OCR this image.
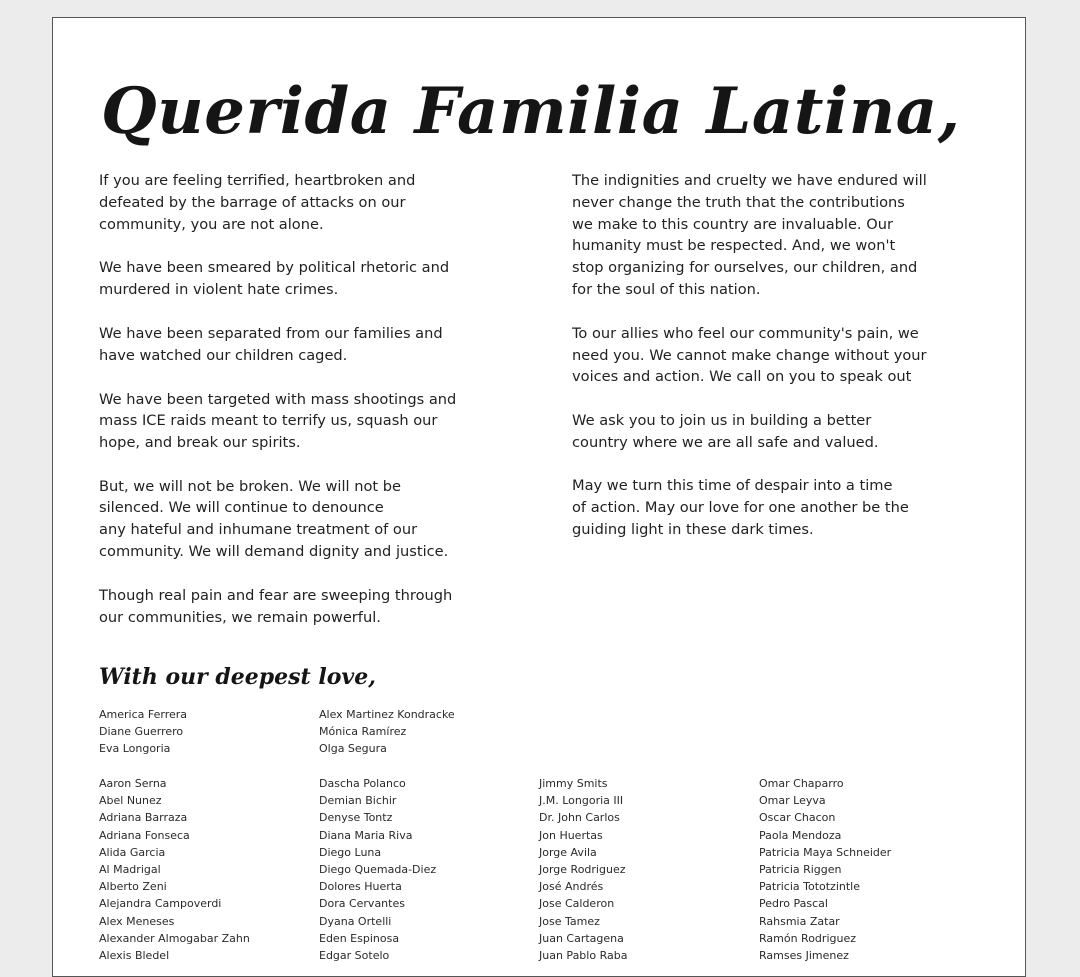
Querida Familia Latina,

If you are feeling terrified, heartbroken and
defeated by the barrage of attacks on our
community, you are not alone.

We have been smeared by political rhetoric and
murdered in violent hate crimes.

We have been separated from our families and
have watched our children caged.

We have been targeted with mass shootings and
mass ICE raids meant to terrify us, squash our
hope, and break our spirits.

But, we will not be broken. We will not be
silenced. We will continue to denounce
any hateful and inhumane treatment of our
community. We will demand dignity and justice.

Though real pain and fear are sweeping through
our communities, we remain powerful.

The indignities and cruelty we have endured will
never change the truth that the contributions
we make to this country are invaluable. Our
humanity must be respected. And, we won't
stop organizing for ourselves, our children, and
for the soul of this nation.

To our allies who feel our community's pain, we
need you. We cannot make change without your
voices and action. We call on you to speak out

We ask you to join us in building a better
country where we are all safe and valued.

May we turn this time of despair into a time
of action. May our love for one another be the
guiding light in these dark times.

With our deepest love,
America Ferrera
Diane Guerrero
Eva Longoria
Alex Martinez Kondracke
Mónica Ramírez
Olga Segura
Aaron Serna
Abel Nunez
Adriana Barraza
Adriana Fonseca
Alida Garcia
Al Madrigal
Alberto Zeni
Alejandra Campoverdi
Alex Meneses
Alexander Almogabar Zahn
Alexis Bledel
Dascha Polanco
Demian Bichir
Denyse Tontz
Diana Maria Riva
Diego Luna
Diego Quemada-Diez
Dolores Huerta
Dora Cervantes
Dyana Ortelli
Eden Espinosa
Edgar Sotelo
Jimmy Smits
J.M. Longoria III
Dr. John Carlos
Jon Huertas
Jorge Avila
Jorge Rodriguez
José Andrés
Jose Calderon
Jose Tamez
Juan Cartagena
Juan Pablo Raba
Omar Chaparro
Omar Leyva
Oscar Chacon
Paola Mendoza
Patricia Maya Schneider
Patricia Riggen
Patricia Tototzintle
Pedro Pascal
Rahsmia Zatar
Ramón Rodriguez
Ramses Jimenez
